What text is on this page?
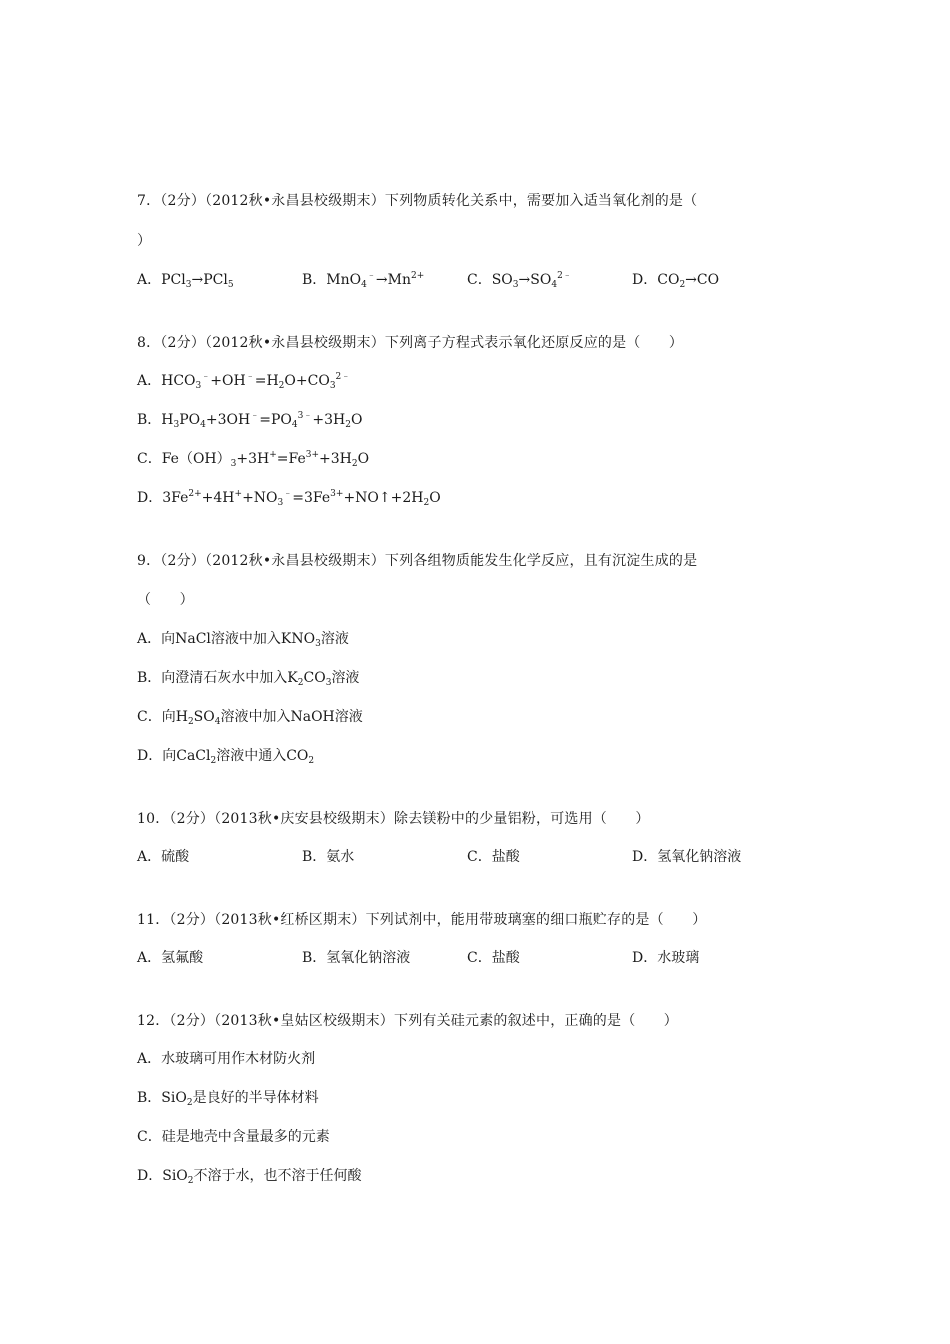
7．（2分）（2012秋•永昌县校级期末）下列物质转化关系中，需要加入适当氧化剂的是（
）
A．PCl$_3$→PCl$_5$	B．$MnO_4^﹣\to Mn^{2+}$	C．$SO_3\to SO_4^{2﹣}$	D．$CO_2\to CO$
8．（2分）（2012秋•永昌县校级期末）下列离子方程式表示氧化还原反应的是（　　）
A．$HCO_3^﹣+OH^﹣=H_2O+CO_3^{2﹣}$
B．$H_3PO_4+3OH^﹣=PO_4^{3﹣}+3H_2O$
C．$Fe(OH)_3+3H^+=Fe^{3+}+3H_2O$
D．$3Fe^{2+}+4H^++NO_3^﹣=3Fe^{3+}+NO↑+2H_2O$
9．（2分）（2012秋•永昌县校级期末）下列各组物质能发生化学反应，且有沉淀生成的是
（　　）
A．向NaCl溶液中加入$KNO_3$溶液
B．向澄清石灰水中加入$K_2CO_3$溶液
C．向$H_2SO_4$溶液中加入NaOH溶液
D．向CaCl$_2$溶液中通入$CO_2$
10．（2分）（2013秋•庆安县校级期末）除去镁粉中的少量铝粉，可选用（　　）
A．硫酸	B．氨水	C．盐酸	D．氢氧化钠溶液
11．（2分）（2013秋•红桥区期末）下列试剂中，能用带玻璃塞的细口瓶贮存的是（　　）
A．氢氟酸	B．氢氧化钠溶液	C．盐酸	D．水玻璃
12．（2分）（2013秋•皇姑区校级期末）下列有关硅元素的叙述中，正确的是（　　）
A．水玻璃可用作木材防火剂
B．SiO$_2$是良好的半导体材料
C．硅是地壳中含量最多的元素
D．SiO$_2$不溶于水，也不溶于任何酸
